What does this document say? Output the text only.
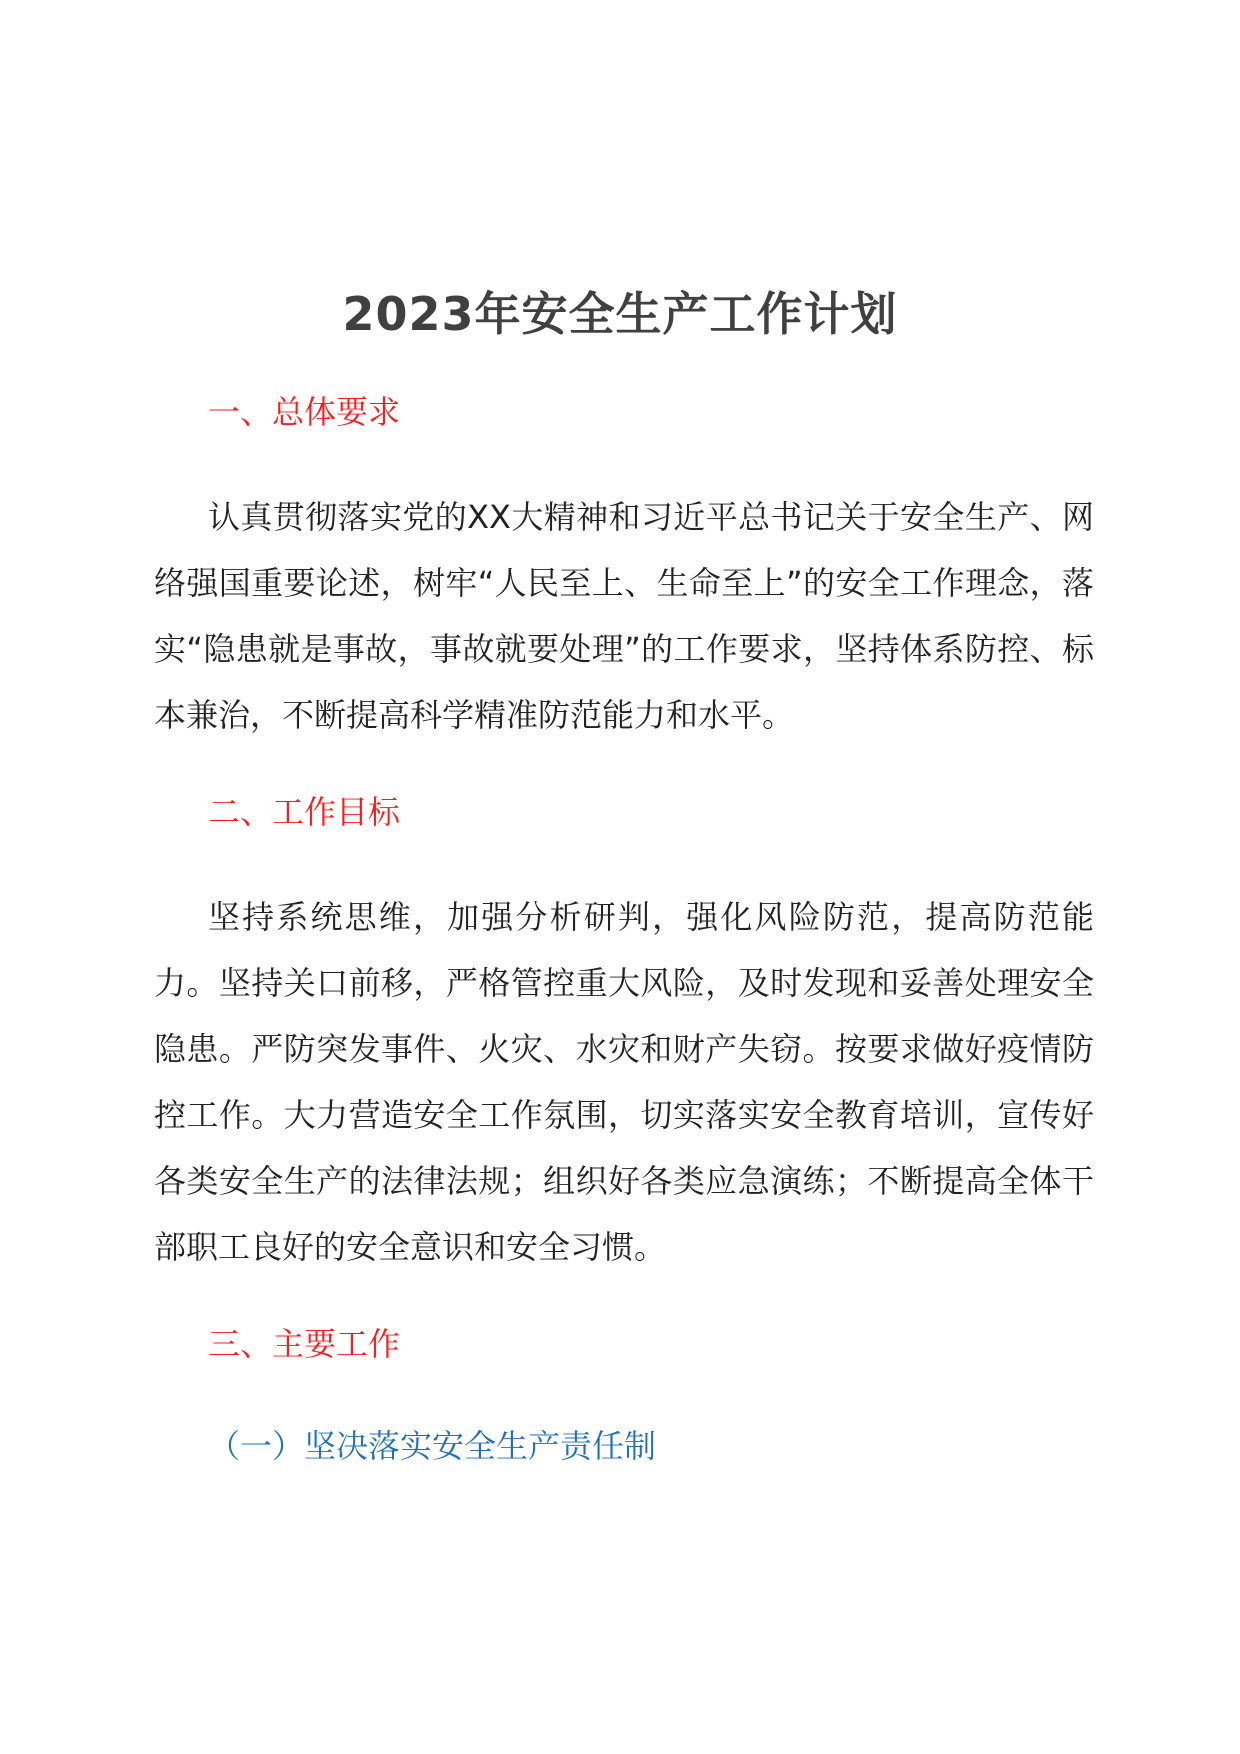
2023年安全生产工作计划
一、总体要求
认真贯彻落实党的XX大精神和习近平总书记关于安全生产、网络强国重要论述，树牢“人民至上、生命至上”的安全工作理念，落实“隐患就是事故，事故就要处理”的工作要求，坚持体系防控、标本兼治，不断提高科学精准防范能力和水平。
二、工作目标
坚持系统思维，加强分析研判，强化风险防范，提高防范能力。坚持关口前移，严格管控重大风险，及时发现和妥善处理安全隐患。严防突发事件、火灾、水灾和财产失窃。按要求做好疫情防控工作。大力营造安全工作氛围，切实落实安全教育培训，宣传好各类安全生产的法律法规；组织好各类应急演练；不断提高全体干部职工良好的安全意识和安全习惯。
三、主要工作
（一）坚决落实安全生产责任制
